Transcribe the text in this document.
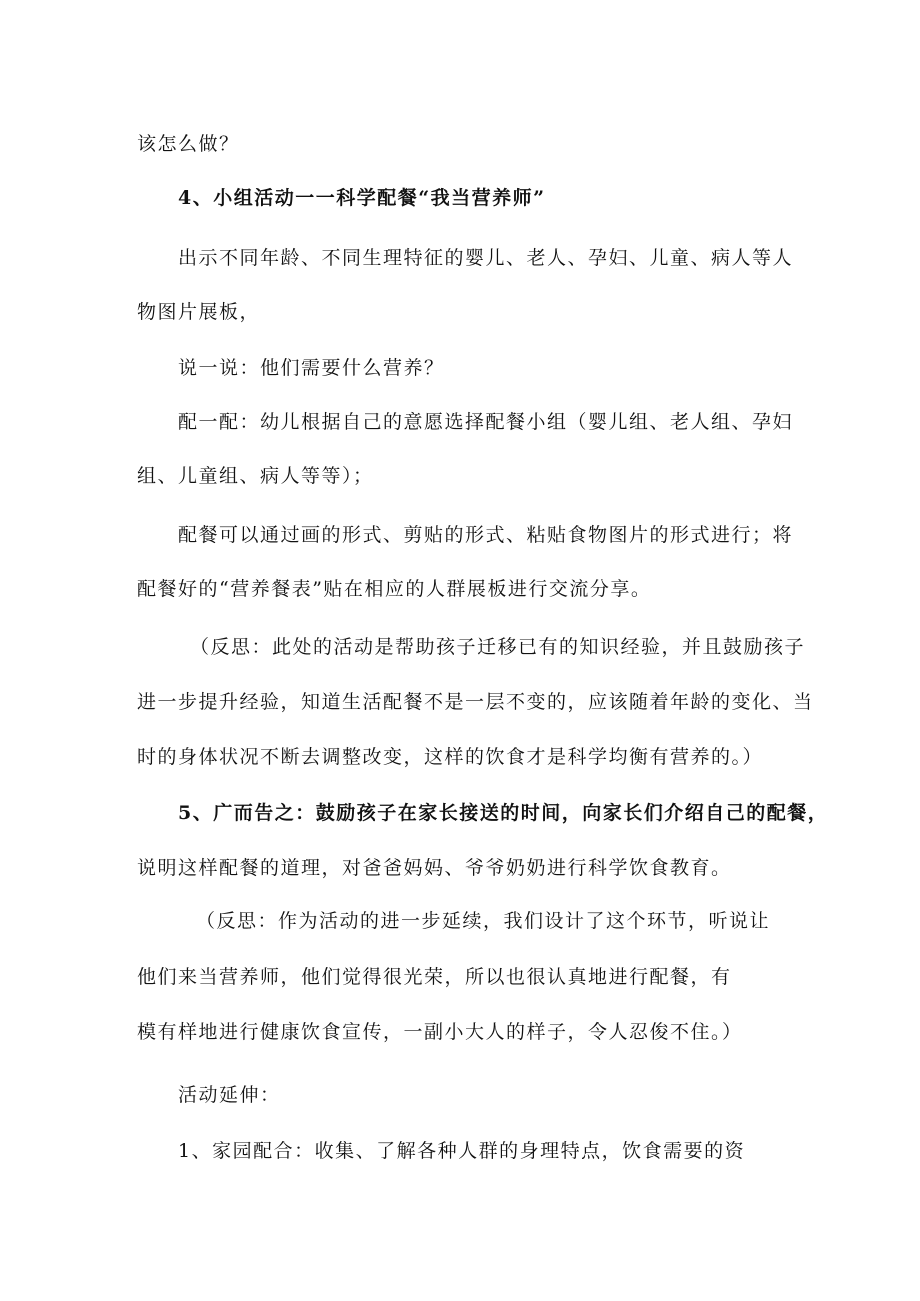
该怎么做？
4、小组活动一一科学配餐“我当营养师”
出示不同年龄、不同生理特征的婴儿、老人、孕妇、儿童、病人等人
物图片展板，
说一说：他们需要什么营养？
配一配：幼儿根据自己的意愿选择配餐小组（婴儿组、老人组、孕妇
组、儿童组、病人等等）；
配餐可以通过画的形式、剪贴的形式、粘贴食物图片的形式进行；将
配餐好的“营养餐表”贴在相应的人群展板进行交流分享。
（反思：此处的活动是帮助孩子迁移已有的知识经验，并且鼓励孩子
进一步提升经验，知道生活配餐不是一层不变的，应该随着年龄的变化、当
时的身体状况不断去调整改变，这样的饮食才是科学均衡有营养的。）
5、广而告之：鼓励孩子在家长接送的时间，向家长们介绍自己的配餐，
说明这样配餐的道理，对爸爸妈妈、爷爷奶奶进行科学饮食教育。
（反思：作为活动的进一步延续，我们设计了这个环节，听说让
他们来当营养师，他们觉得很光荣，所以也很认真地进行配餐，有
模有样地进行健康饮食宣传，一副小大人的样子，令人忍俊不住。）
活动延伸：
1、家园配合：收集、了解各种人群的身理特点，饮食需要的资
